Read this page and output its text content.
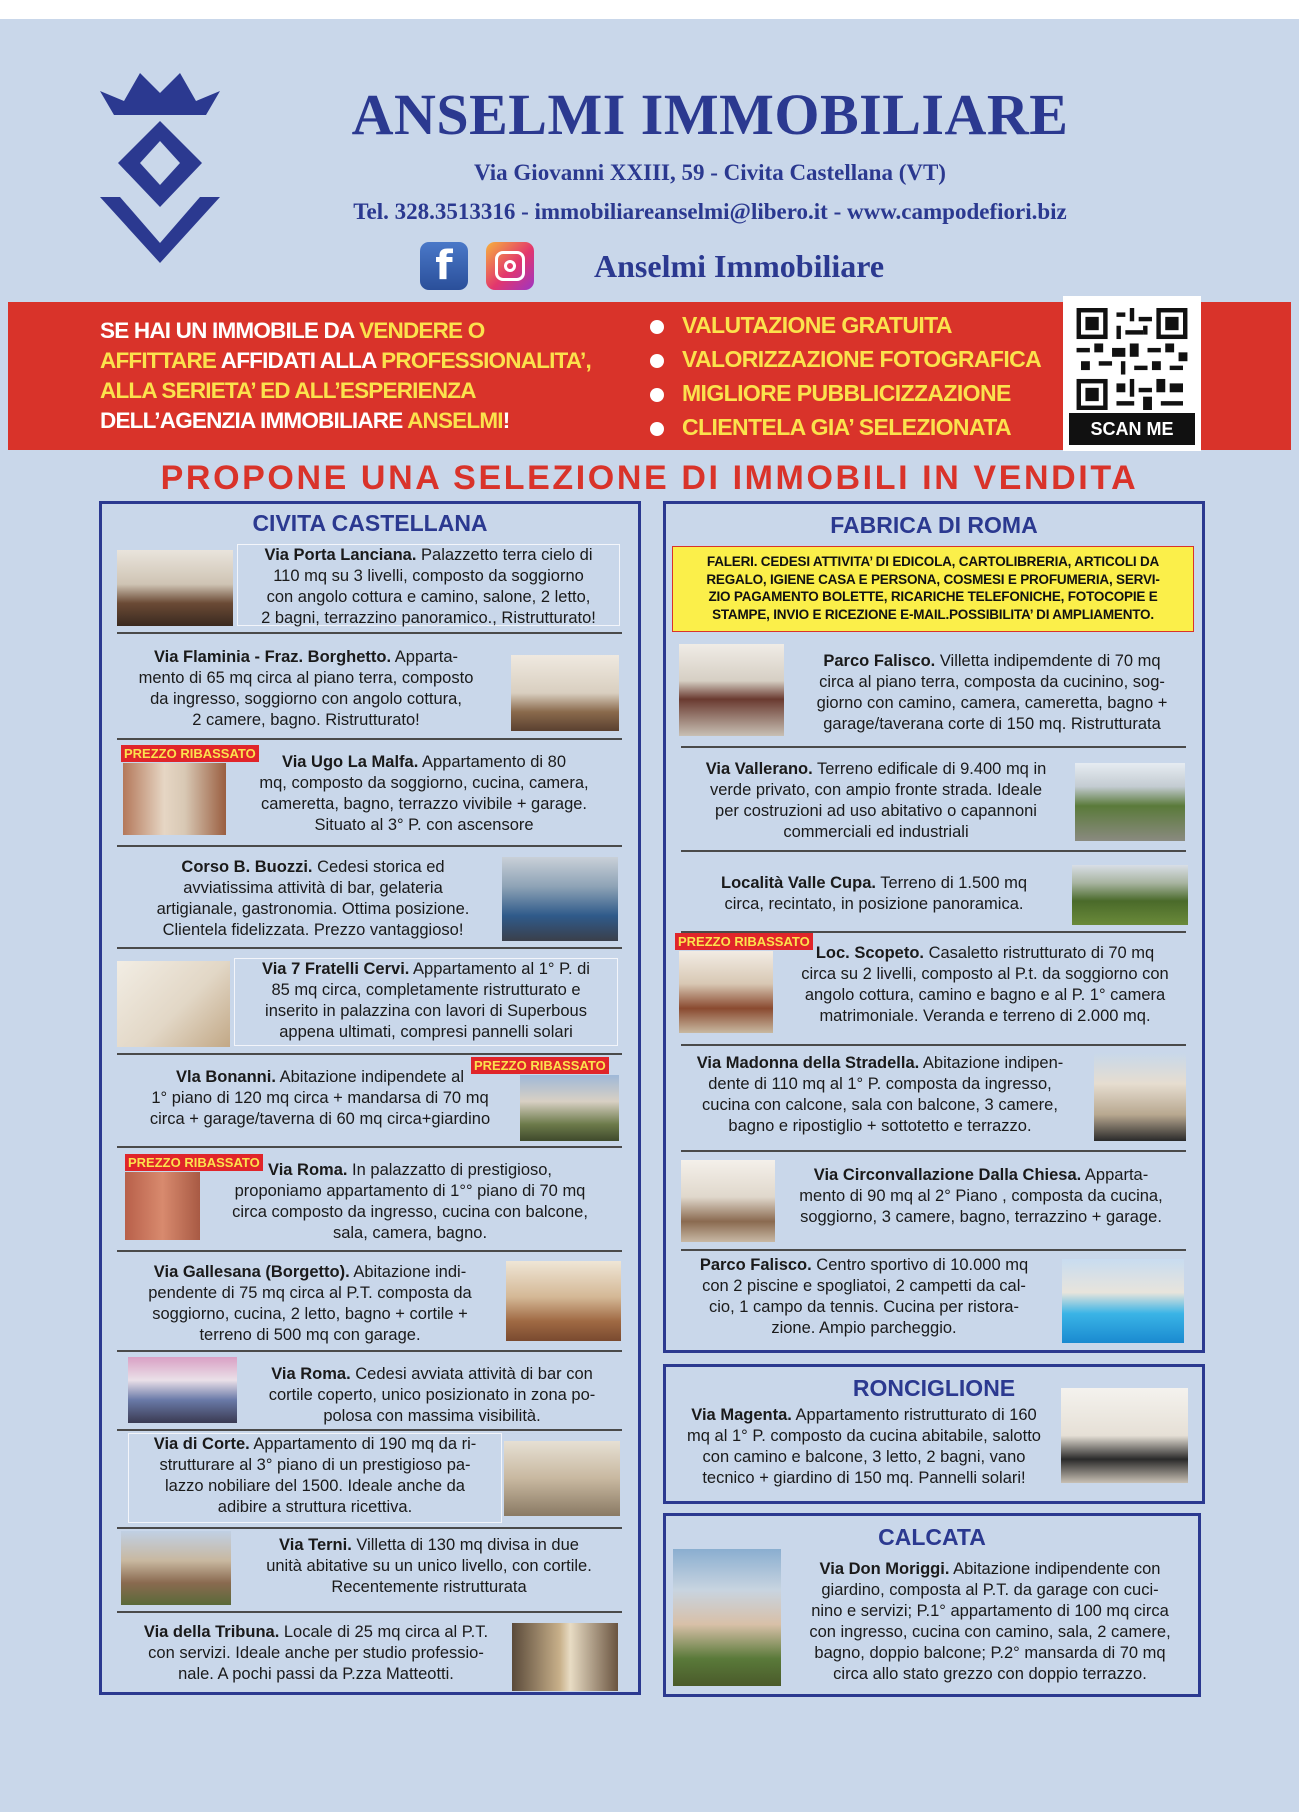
ANSELMI IMMOBILIARE
Via Giovanni XXIII, 59 - Civita Castellana (VT)
Tel. 328.3513316 - immobiliareanselmi@libero.it - www.campodefiori.biz
f	Anselmi Immobiliare
SE HAI UN IMMOBILE DA VENDERE O
AFFITTARE AFFIDATI ALLA PROFESSIONALITA’,
ALLA SERIETA’ ED ALL’ESPERIENZA
DELL’AGENZIA IMMOBILIARE ANSELMI!
VALUTAZIONE GRATUITA
VALORIZZAZIONE FOTOGRAFICA
MIGLIORE PUBBLICIZZAZIONE
CLIENTELA GIA’ SELEZIONATA	SCAN ME
PROPONE UNA SELEZIONE DI IMMOBILI IN VENDITA
CIVITA CASTELLANA
Via Porta Lanciana. Palazzetto terra cielo di
110 mq su 3 livelli, composto da soggiorno
con angolo cottura e camino, salone, 2 letto,
2 bagni, terrazzino panoramico., Ristrutturato!
Via Flaminia - Fraz. Borghetto. Apparta-
mento di 65 mq circa al piano terra, composto
da ingresso, soggiorno con angolo cottura,
2 camere, bagno. Ristrutturato!
PREZZO RIBASSATO	Via Ugo La Malfa. Appartamento di 80
mq, composto da soggiorno, cucina, camera,
cameretta, bagno, terrazzo vivibile + garage.
Situato al 3° P. con ascensore
Corso B. Buozzi. Cedesi storica ed
avviatissima attività di bar, gelateria
artigianale, gastronomia. Ottima posizione.
Clientela fidelizzata. Prezzo vantaggioso!
Via 7 Fratelli Cervi. Appartamento al 1° P. di
85 mq circa, completamente ristrutturato e
inserito in palazzina con lavori di Superbous
appena ultimati, compresi pannelli solari
Vla Bonanni. Abitazione indipendete al
1° piano di 120 mq circa + mandarsa di 70 mq
circa + garage/taverna di 60 mq circa+giardino
PREZZO RIBASSATO
PREZZO RIBASSATO Via Roma. In palazzatto di prestigioso,
proponiamo appartamento di 1°° piano di 70 mq
circa composto da ingresso, cucina con balcone,
sala, camera, bagno.
Via Gallesana (Borgetto). Abitazione indi-
pendente di 75 mq circa al P.T. composta da
soggiorno, cucina, 2 letto, bagno + cortile +
terreno di 500 mq con garage.
Via Roma. Cedesi avviata attività di bar con
cortile coperto, unico posizionato in zona po-
polosa con massima visibilità.
Via di Corte. Appartamento di 190 mq da ri-
strutturare al 3° piano di un prestigioso pa-
lazzo nobiliare del 1500. Ideale anche da
adibire a struttura ricettiva.
Via Terni. Villetta di 130 mq divisa in due
unità abitative su un unico livello, con cortile.
Recentemente ristrutturata
Via della Tribuna. Locale di 25 mq circa al P.T.
con servizi. Ideale anche per studio professio-
nale. A pochi passi da P.zza Matteotti.
FABRICA DI ROMA
FALERI. CEDESI ATTIVITA’ DI EDICOLA, CARTOLIBRERIA, ARTICOLI DA
REGALO, IGIENE CASA E PERSONA, COSMESI E PROFUMERIA, SERVI-
ZIO PAGAMENTO BOLETTE, RICARICHE TELEFONICHE, FOTOCOPIE E
STAMPE, INVIO E RICEZIONE E-MAIL.POSSIBILITA’ DI AMPLIAMENTO.
Parco Falisco. Villetta indipemdente di 70 mq
circa al piano terra, composta da cucinino, sog-
giorno con camino, camera, cameretta, bagno +
garage/taverana corte di 150 mq. Ristrutturata
Via Vallerano. Terreno edificale di 9.400 mq in
verde privato, con ampio fronte strada. Ideale
per costruzioni ad uso abitativo o capannoni
commerciali ed industriali
Località Valle Cupa. Terreno di 1.500 mq
circa, recintato, in posizione panoramica.
PREZZO RIBASSATO
Loc. Scopeto. Casaletto ristrutturato di 70 mq
circa su 2 livelli, composto al P.t. da soggiorno con
angolo cottura, camino e bagno e al P. 1° camera
matrimoniale. Veranda e terreno di 2.000 mq.
Via Madonna della Stradella. Abitazione indipen-
dente di 110 mq al 1° P. composta da ingresso,
cucina con calcone, sala con balcone, 3 camere,
bagno e ripostiglio + sottotetto e terrazzo.
Via Circonvallazione Dalla Chiesa. Apparta-
mento di 90 mq al 2° Piano , composta da cucina,
soggiorno, 3 camere, bagno, terrazzino + garage.
Parco Falisco. Centro sportivo di 10.000 mq
con 2 piscine e spogliatoi, 2 campetti da cal-
cio, 1 campo da tennis. Cucina per ristora-
zione. Ampio parcheggio.
RONCIGLIONE
Via Magenta. Appartamento ristrutturato di 160
mq al 1° P. composto da cucina abitabile, salotto
con camino e balcone, 3 letto, 2 bagni, vano
tecnico + giardino di 150 mq. Pannelli solari!
CALCATA
Via Don Moriggi. Abitazione indipendente con
giardino, composta al P.T. da garage con cuci-
nino e servizi; P.1° appartamento di 100 mq circa
con ingresso, cucina con camino, sala, 2 camere,
bagno, doppio balcone; P.2° mansarda di 70 mq
circa allo stato grezzo con doppio terrazzo.
